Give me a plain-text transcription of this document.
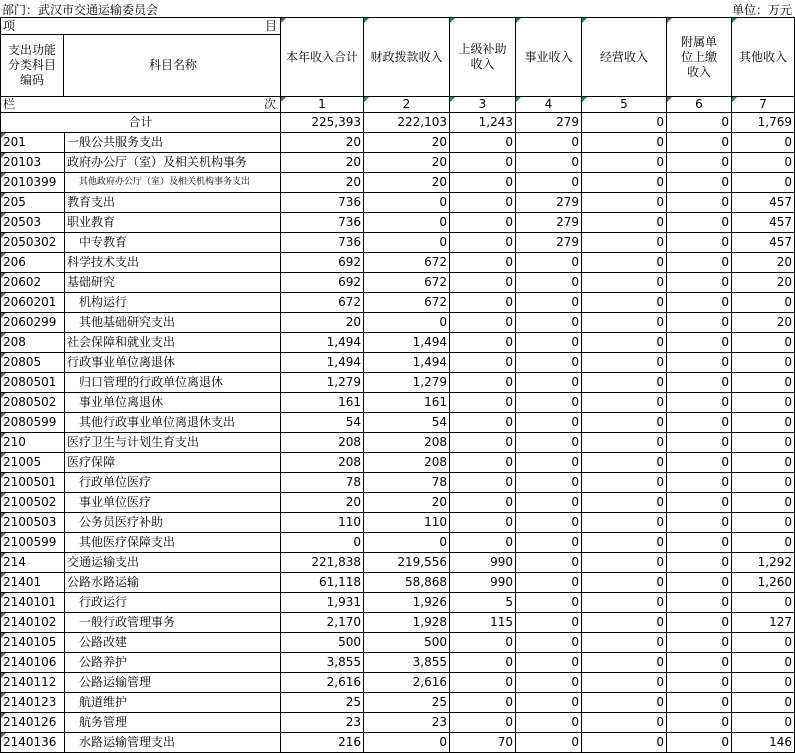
部门：武汉市交通运输委员会	单位：万元
项 目
支出功能分类科目编码
科目名称		本年收入合计	财政拨款收入	上级补助收入	事业收入	经营收入	附属单位上缴收入	其他收入
栏 次		1	2	3	4	5	6	7
合计		225,393	222,103	1,243	279	0	0	1,769
201	一般公共服务支出	20	20	0	0	0	0	0
20103	政府办公厅（室）及相关机构事务	20	20	0	0	0	0	0
2010399	其他政府办公厅（室）及相关机构事务支出	20	20	0	0	0	0	0
205	教育支出	736	0	0	279	0	0	457
20503	职业教育	736	0	0	279	0	0	457
2050302	中专教育	736	0	0	279	0	0	457
206	科学技术支出	692	672	0	0	0	0	20
20602	基础研究	692	672	0	0	0	0	20
2060201	机构运行	672	672	0	0	0	0	0
2060299	其他基础研究支出	20	0	0	0	0	0	20
208	社会保障和就业支出	1,494	1,494	0	0	0	0	0
20805	行政事业单位离退休	1,494	1,494	0	0	0	0	0
2080501	归口管理的行政单位离退休	1,279	1,279	0	0	0	0	0
2080502	事业单位离退休	161	161	0	0	0	0	0
2080599	其他行政事业单位离退休支出	54	54	0	0	0	0	0
210	医疗卫生与计划生育支出	208	208	0	0	0	0	0
21005	医疗保障	208	208	0	0	0	0	0
2100501	行政单位医疗	78	78	0	0	0	0	0
2100502	事业单位医疗	20	20	0	0	0	0	0
2100503	公务员医疗补助	110	110	0	0	0	0	0
2100599	其他医疗保障支出	0	0	0	0	0	0	0
214	交通运输支出	221,838	219,556	990	0	0	0	1,292
21401	公路水路运输	61,118	58,868	990	0	0	0	1,260
2140101	行政运行	1,931	1,926	5	0	0	0	0
2140102	一般行政管理事务	2,170	1,928	115	0	0	0	127
2140105	公路改建	500	500	0	0	0	0	0
2140106	公路养护	3,855	3,855	0	0	0	0	0
2140112	公路运输管理	2,616	2,616	0	0	0	0	0
2140123	航道维护	25	25	0	0	0	0	0
2140126	航务管理	23	23	0	0	0	0	0
2140136	水路运输管理支出	216	0	70	0	0	0	146
